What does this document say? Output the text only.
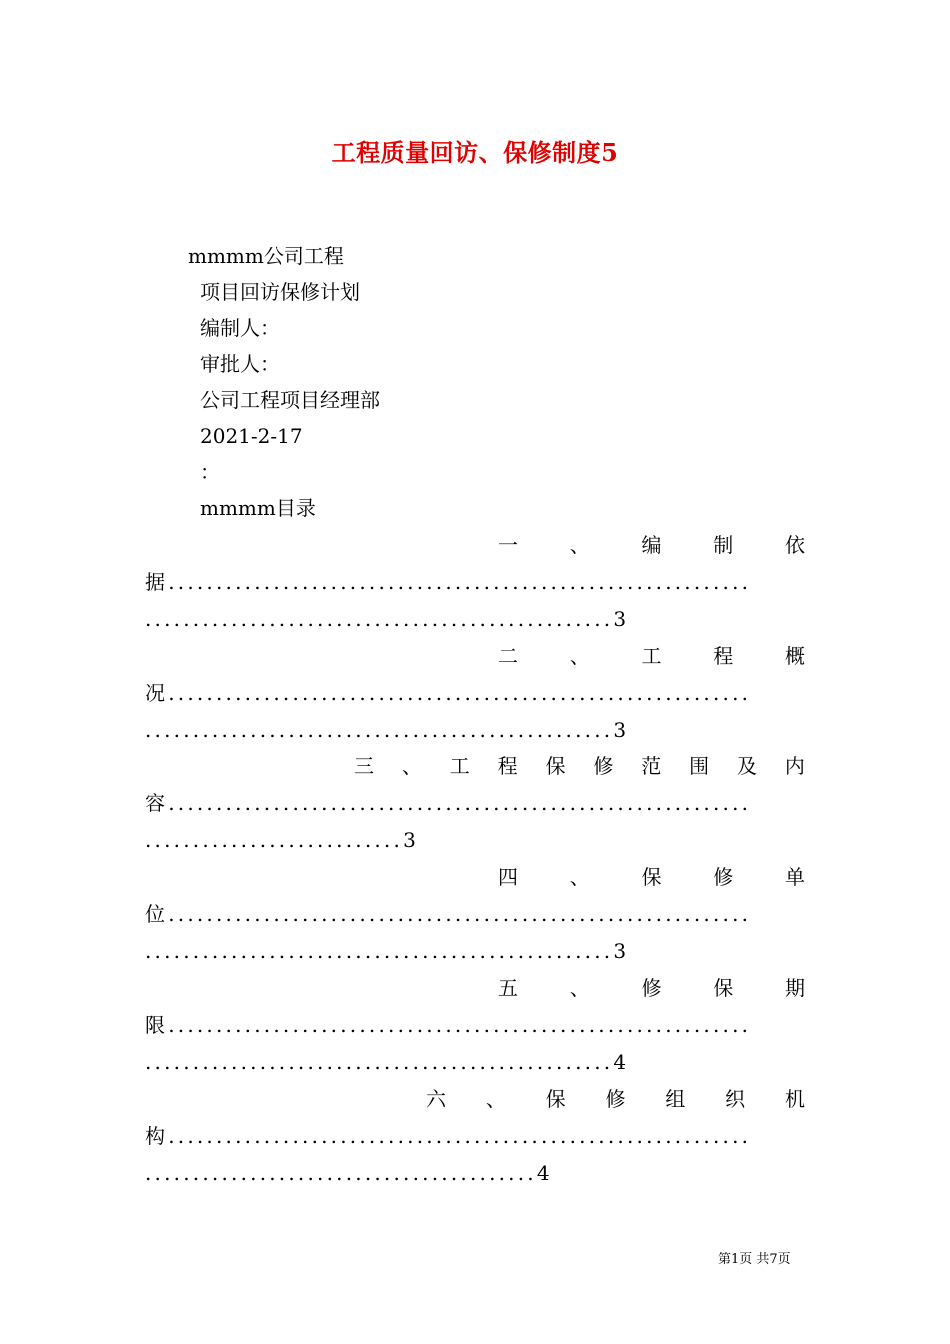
工程质量回访、保修制度5
mmmm公司工程
项目回访保修计划
编制人：
审批人：
公司工程项目经理部
2021-2-17
：
mmmm目录
一	、	编	制	依
据.............................................................
.................................................3
二	、	工	程	概
况.............................................................
.................................................3
三 、 工 程 保 修 范 围 及 内
容.............................................................
...........................3
四	、	保	修	单
位.............................................................
.................................................3
五	、	修	保	期
限.............................................................
.................................................4
六 、 保 修 组 织 机
构.............................................................
.........................................4
第1页 共7页
